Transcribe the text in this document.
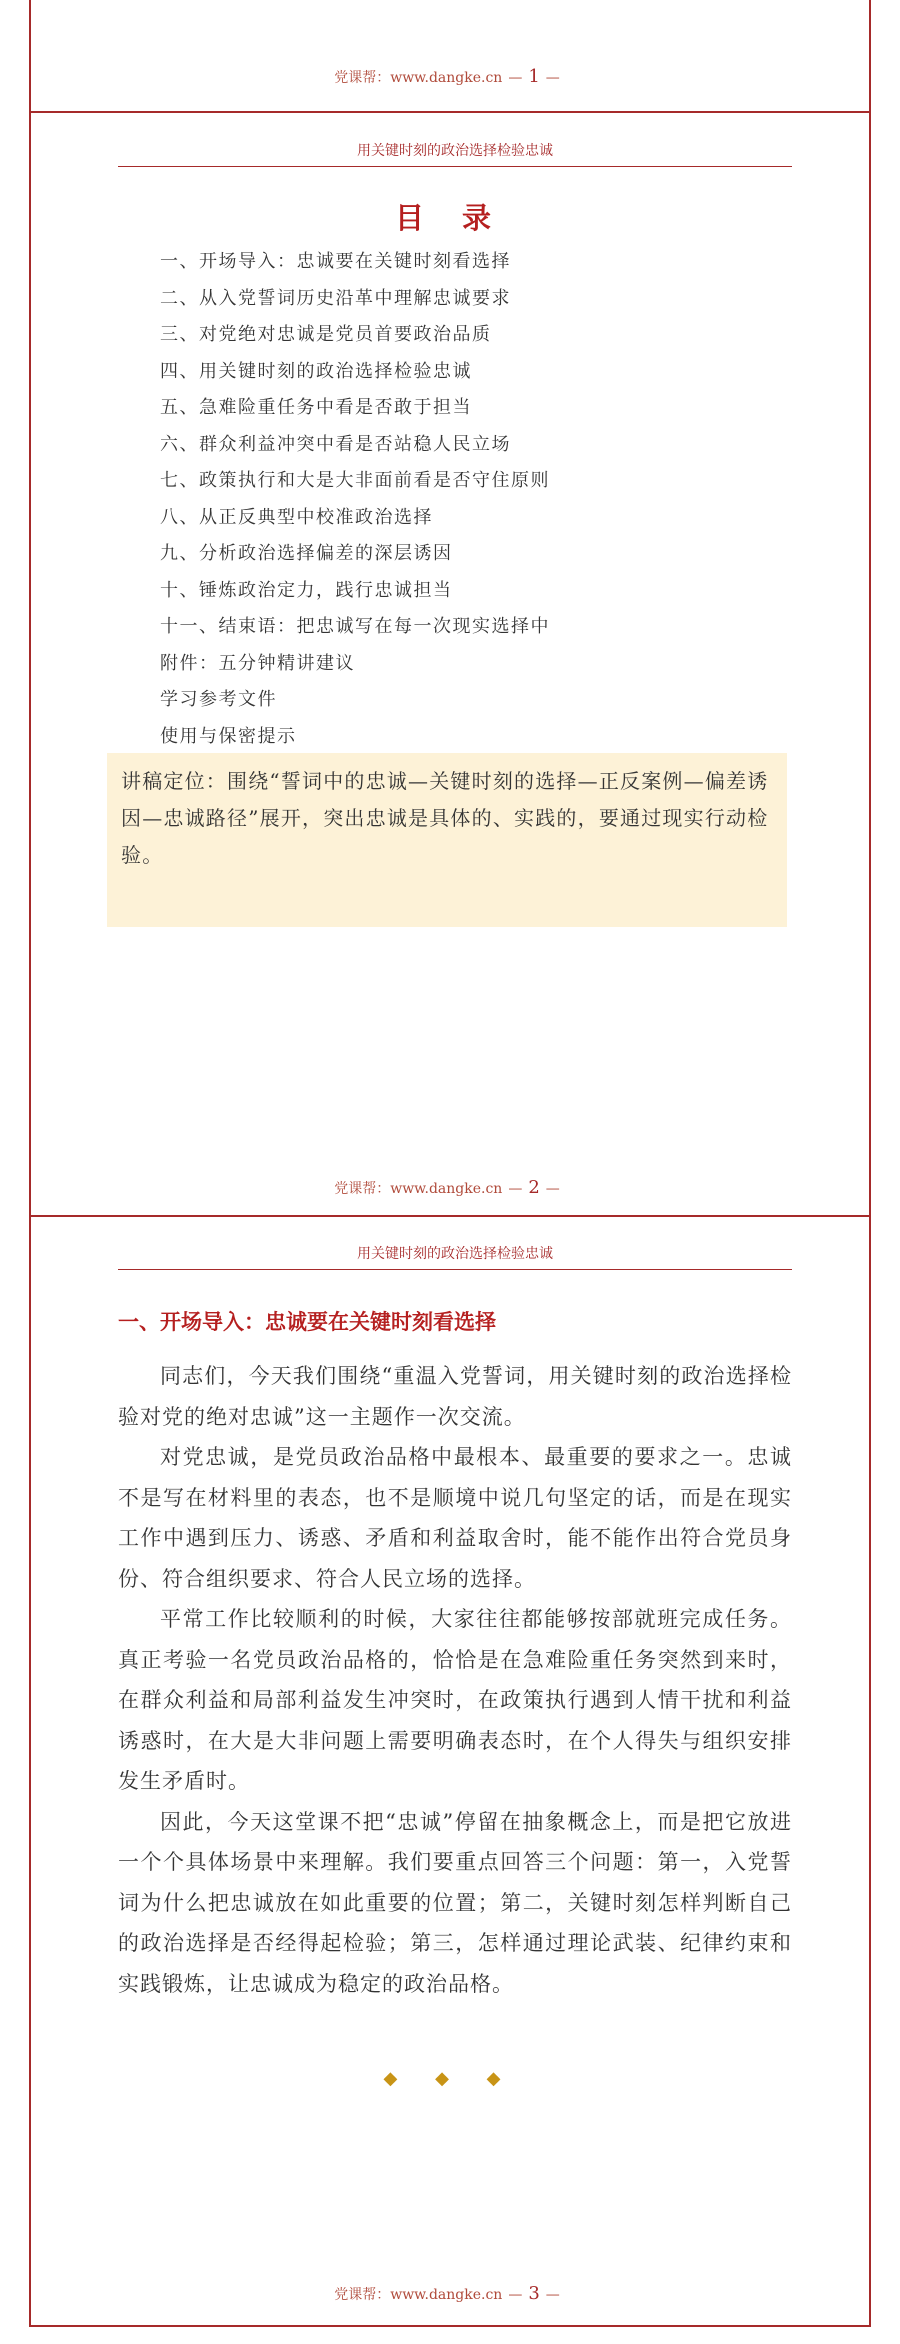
党课帮：www.dangke.cn — 1 —
用关键时刻的政治选择检验忠诚
目 录
一、开场导入：忠诚要在关键时刻看选择
二、从入党誓词历史沿革中理解忠诚要求
三、对党绝对忠诚是党员首要政治品质
四、用关键时刻的政治选择检验忠诚
五、急难险重任务中看是否敢于担当
六、群众利益冲突中看是否站稳人民立场
七、政策执行和大是大非面前看是否守住原则
八、从正反典型中校准政治选择
九、分析政治选择偏差的深层诱因
十、锤炼政治定力，践行忠诚担当
十一、结束语：把忠诚写在每一次现实选择中
附件：五分钟精讲建议
学习参考文件
使用与保密提示
讲稿定位：围绕“誓词中的忠诚—关键时刻的选择—正反案例—偏差诱因—忠诚路径”展开，突出忠诚是具体的、实践的，要通过现实行动检验。
党课帮：www.dangke.cn — 2 —
用关键时刻的政治选择检验忠诚
一、开场导入：忠诚要在关键时刻看选择

同志们，今天我们围绕“重温入党誓词，用关键时刻的政治选择检验对党的绝对忠诚”这一主题作一次交流。

对党忠诚，是党员政治品格中最根本、最重要的要求之一。忠诚不是写在材料里的表态，也不是顺境中说几句坚定的话，而是在现实工作中遇到压力、诱惑、矛盾和利益取舍时，能不能作出符合党员身份、符合组织要求、符合人民立场的选择。

平常工作比较顺利的时候，大家往往都能够按部就班完成任务。真正考验一名党员政治品格的，恰恰是在急难险重任务突然到来时，在群众利益和局部利益发生冲突时，在政策执行遇到人情干扰和利益诱惑时，在大是大非问题上需要明确表态时，在个人得失与组织安排发生矛盾时。

因此，今天这堂课不把“忠诚”停留在抽象概念上，而是把它放进一个个具体场景中来理解。我们要重点回答三个问题：第一，入党誓词为什么把忠诚放在如此重要的位置；第二，关键时刻怎样判断自己的政治选择是否经得起检验；第三，怎样通过理论武装、纪律约束和实践锻炼，让忠诚成为稳定的政治品格。

◆ ◆ ◆
党课帮：www.dangke.cn — 3 —
